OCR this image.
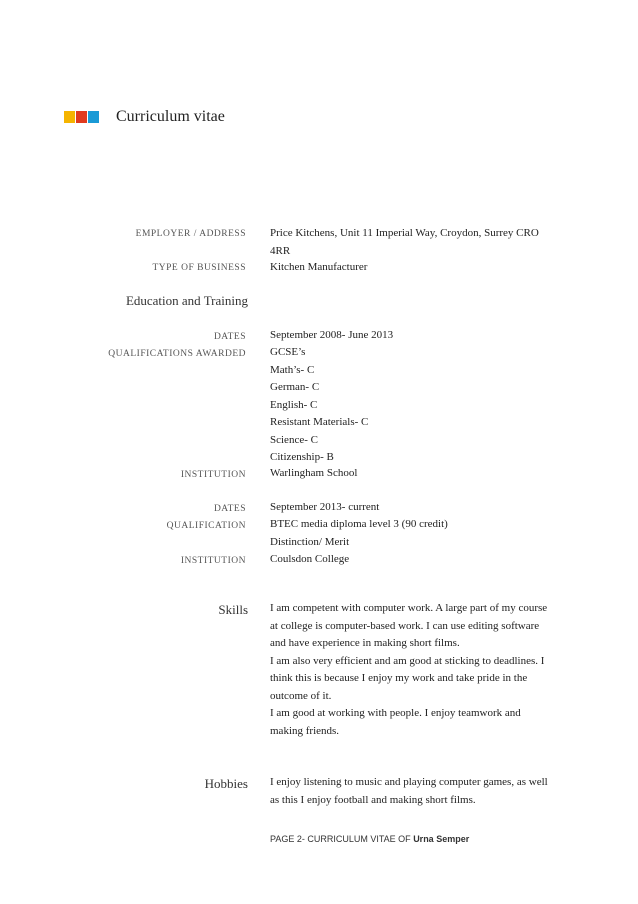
Curriculum vitae
EMPLOYER / ADDRESS Price Kitchens, Unit 11 Imperial Way, Croydon, Surrey CRO
4RR
TYPE OF BUSINESS Kitchen Manufacturer
Education and Training
DATES September 2008- June 2013
QUALIFICATIONS AWARDED GCSE’s
Math’s- C
German- C
English- C
Resistant Materials- C
Science- C
Citizenship- B
INSTITUTION Warlingham School
DATES September 2013- current
QUALIFICATION BTEC media diploma level 3 (90 credit)
Distinction/ Merit
INSTITUTION Coulsdon College
Skills I am competent with computer work. A large part of my course
at college is computer-based work. I can use editing software
and have experience in making short films.
I am also very efficient and am good at sticking to deadlines. I
think this is because I enjoy my work and take pride in the
outcome of it.
I am good at working with people. I enjoy teamwork and
making friends.
Hobbies I enjoy listening to music and playing computer games, as well
as this I enjoy football and making short films.
PAGE 2- CURRICULUM VITAE OF Urna Semper
